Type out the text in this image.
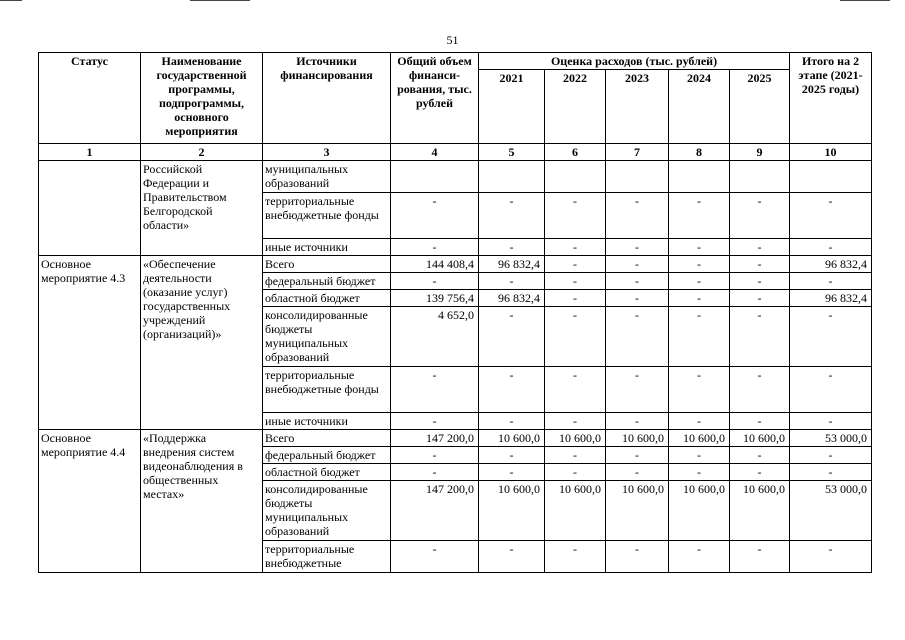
51
Статус	Наименование государственной программы, подпрограммы, основного мероприятия	Источники финансирования	Общий объем финанси-рования, тыс. рублей	Оценка расходов (тыс. рублей)					Итого на 2 этапе (2021-2025 годы)
				2021	2022	2023	2024	2025	
1	2	3	4	5	6	7	8	9	10
	Российской Федерации и Правительством Белгородской области»	муниципальных образований							
		территориальные внебюджетные фонды	-	-	-	-	-	-	-
		иные источники	-	-	-	-	-	-	-
Основное мероприятие 4.3	«Обеспечение деятельности (оказание услуг) государственных учреждений (организаций)»	Всего	144 408,4	96 832,4	-	-	-	-	96 832,4
		федеральный бюджет	-	-	-	-	-	-	-
		областной бюджет	139 756,4	96 832,4	-	-	-	-	96 832,4
		консолидированные бюджеты муниципальных образований	4 652,0	-	-	-	-	-	-
		территориальные внебюджетные фонды	-	-	-	-	-	-	-
		иные источники	-	-	-	-	-	-	-
Основное мероприятие 4.4	«Поддержка внедрения систем видеонаблюдения в общественных местах»	Всего	147 200,0	10 600,0	10 600,0	10 600,0	10 600,0	10 600,0	53 000,0
		федеральный бюджет	-	-	-	-	-	-	-
		областной бюджет	-	-	-	-	-	-	-
		консолидированные бюджеты муниципальных образований	147 200,0	10 600,0	10 600,0	10 600,0	10 600,0	10 600,0	53 000,0
		территориальные внебюджетные	-	-	-	-	-	-	-
